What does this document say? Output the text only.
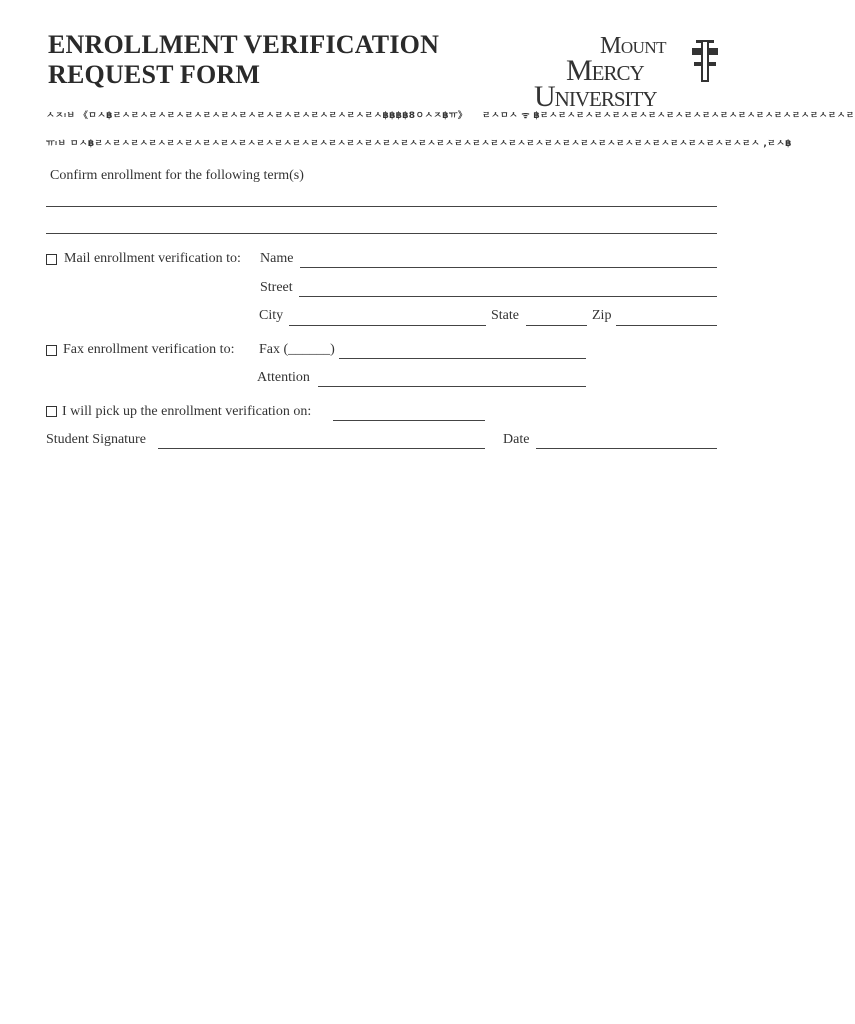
ENROLLMENT VERIFICATION
REQUEST FORM
Mount
Mercy
University
ㅅㅈ፡ㅂ 《ㅁㅅ฿ㄹㅅㄹㅅㄹㅅㄹㅅㄹㅅㄹㅅㄹㅅㄹㅅㄹㅅㄹㅅㄹㅅㄹㅅㄹㅅㄹㅅㄹㅅ฿฿฿฿8ㅇㅅㅈ฿ㅠ》 ㄹㅅㅁㅅ ᯤ ฿ㄹㅅㄹㅅㄹㅅㄹㅅㄹㅅㄹㅅㄹㅅㄹㅅㄹㅅㄹㅅㄹㅅㄹㅅㄹㅅㄹㅅㄹㅅㄹㅅㄹㅅㄹ
ㅠ፡ㅂ ㅁㅅ฿ㄹㅅㄹㅅㄹㅅㄹㅅㄹㅅㄹㅅㄹㅅㄹㅅㄹㅅㄹㅅㄹㅅㄹㅅㄹㅅㄹㅅㄹㅅㄹㅅㄹㅅㄹㅅㄹㅅㄹㅅㄹㅅㄹㅅㄹㅅㄹㅅㄹㅅㄹㅅㄹㅅㄹㅅㄹㅅㄹㅅㄹㅅㄹㅅㄹㅅㄹㅅㄹㅅㄹㅅㄹㅅ ,ㄹㅅ฿
Confirm enrollment for the following term(s)
Mail enrollment verification to: Name
Street
City	State	Zip
Fax enrollment verification to: Fax (______)
Attention
I will pick up the enrollment verification on:
Student Signature	Date
